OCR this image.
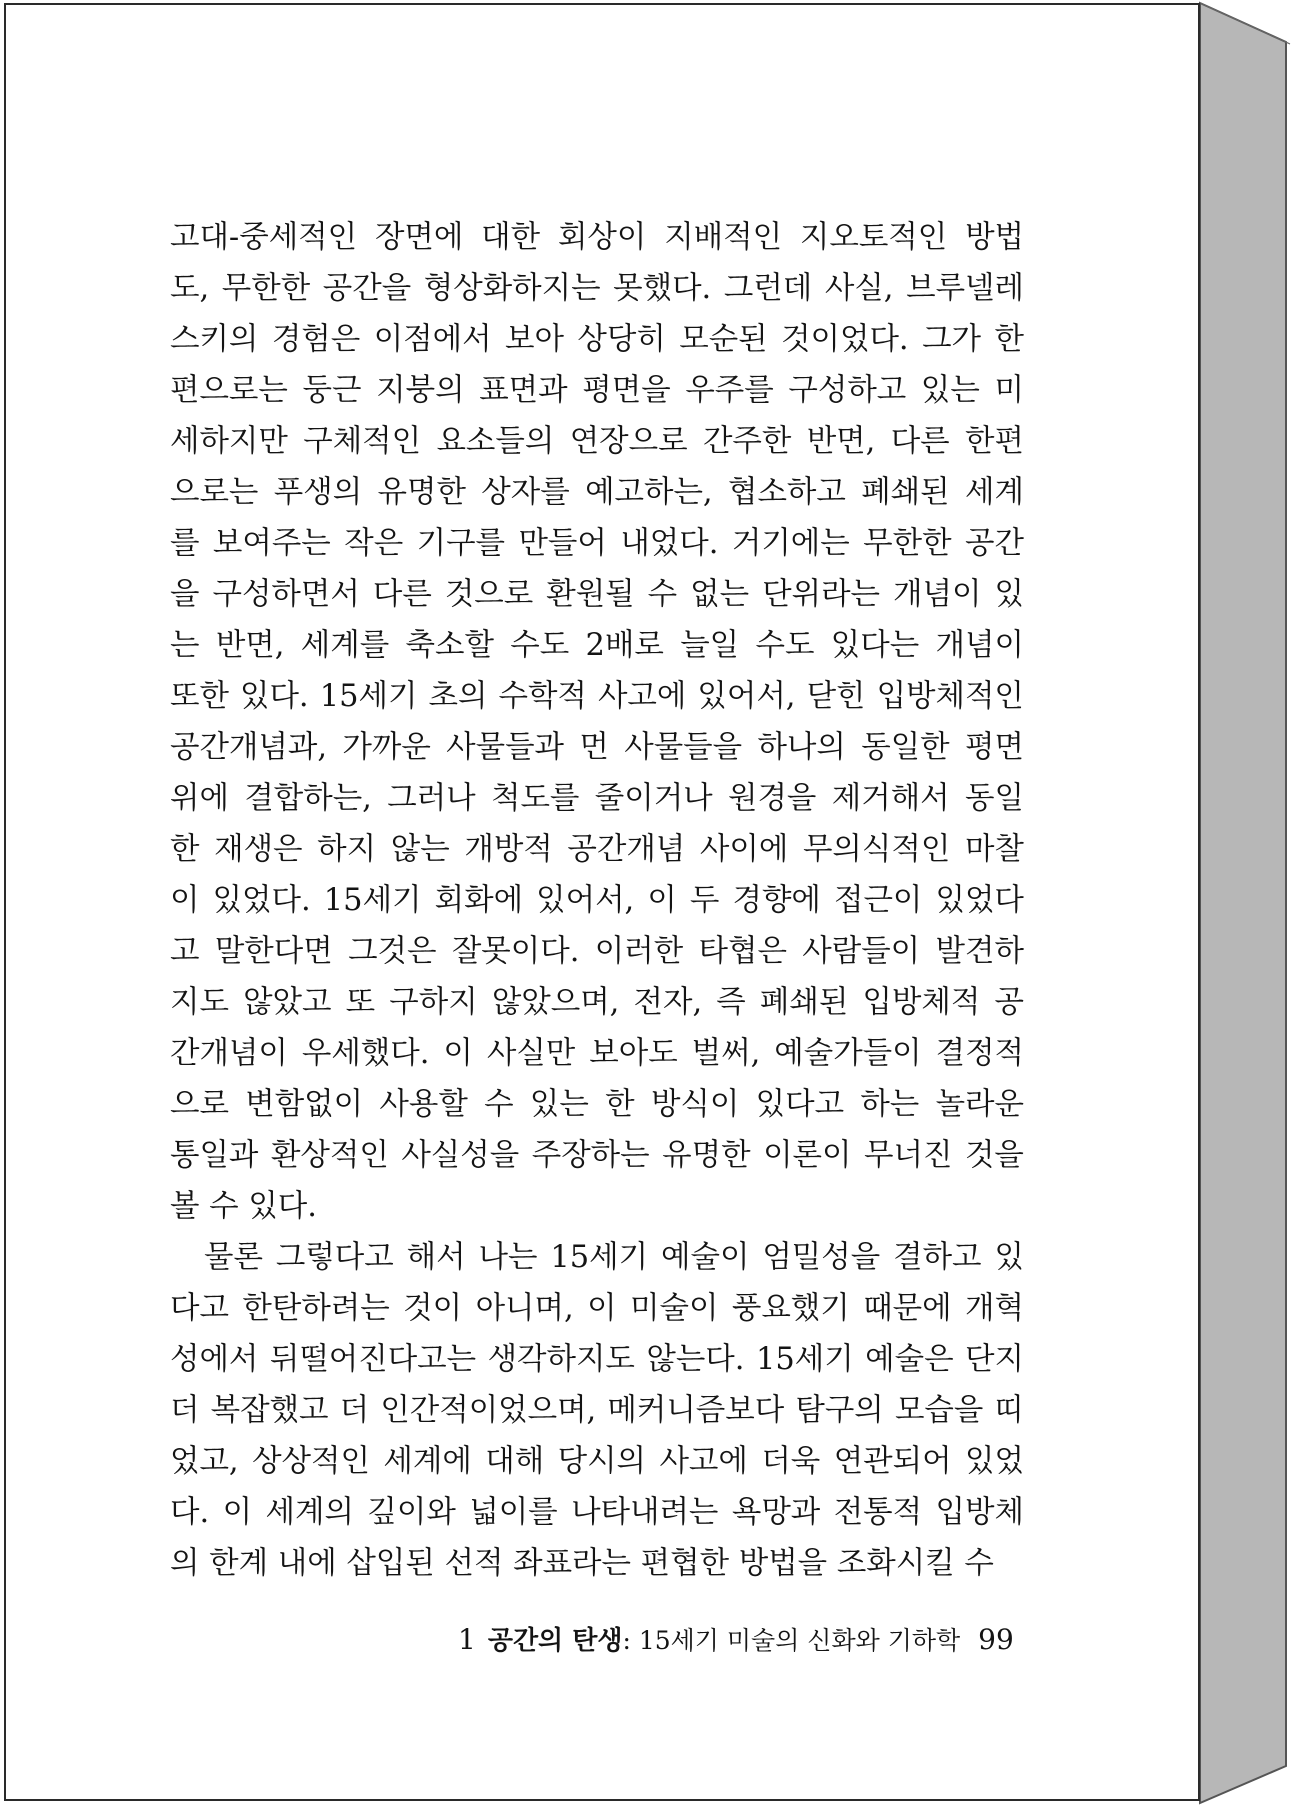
고대-중세적인 장면에 대한 회상이 지배적인 지오토적인 방법
도, 무한한 공간을 형상화하지는 못했다. 그런데 사실, 브루넬레
스키의 경험은 이점에서 보아 상당히 모순된 것이었다. 그가 한
편으로는 둥근 지붕의 표면과 평면을 우주를 구성하고 있는 미
세하지만 구체적인 요소들의 연장으로 간주한 반면, 다른 한편
으로는 푸생의 유명한 상자를 예고하는, 협소하고 폐쇄된 세계
를 보여주는 작은 기구를 만들어 내었다. 거기에는 무한한 공간
을 구성하면서 다른 것으로 환원될 수 없는 단위라는 개념이 있
는 반면, 세계를 축소할 수도 2배로 늘일 수도 있다는 개념이
또한 있다. 15세기 초의 수학적 사고에 있어서, 닫힌 입방체적인
공간개념과, 가까운 사물들과 먼 사물들을 하나의 동일한 평면
위에 결합하는, 그러나 척도를 줄이거나 원경을 제거해서 동일
한 재생은 하지 않는 개방적 공간개념 사이에 무의식적인 마찰
이 있었다. 15세기 회화에 있어서, 이 두 경향에 접근이 있었다
고 말한다면 그것은 잘못이다. 이러한 타협은 사람들이 발견하
지도 않았고 또 구하지 않았으며, 전자, 즉 폐쇄된 입방체적 공
간개념이 우세했다. 이 사실만 보아도 벌써, 예술가들이 결정적
으로 변함없이 사용할 수 있는 한 방식이 있다고 하는 놀라운
통일과 환상적인 사실성을 주장하는 유명한 이론이 무너진 것을
볼 수 있다.
물론 그렇다고 해서 나는 15세기 예술이 엄밀성을 결하고 있
다고 한탄하려는 것이 아니며, 이 미술이 풍요했기 때문에 개혁
성에서 뒤떨어진다고는 생각하지도 않는다. 15세기 예술은 단지
더 복잡했고 더 인간적이었으며, 메커니즘보다 탐구의 모습을 띠
었고, 상상적인 세계에 대해 당시의 사고에 더욱 연관되어 있었
다. 이 세계의 깊이와 넓이를 나타내려는 욕망과 전통적 입방체
의 한계 내에 삽입된 선적 좌표라는 편협한 방법을 조화시킬 수
1 공간의 탄생: 15세기 미술의 신화와 기하학 99
